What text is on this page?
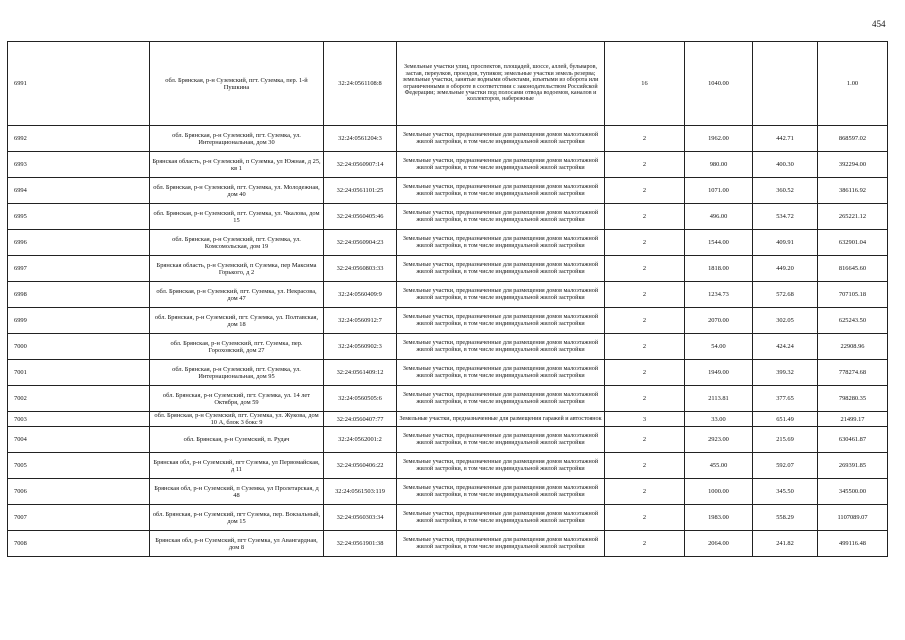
454
6991	обл. Брянская, р-н Суземский, пгт. Суземка, пер. 1-й Пушкина	32:24:0561108:8	Земельные участки улиц, проспектов, площадей, шоссе, аллей, бульваров, застав, переулков, проездов, тупиков; земельные участки земель резерва; земельные участки, занятые водными объектами, изъятыми из оборота или ограниченными в обороте в соответствии с законодательством Российской Федерации; земельные участки под полосами отвода водоемов, каналов и коллекторов, набережные	16	1040.00		1.00
6992	обл. Брянская, р-н Суземский, пгт. Суземка, ул. Интернациональная, дом 30	32:24:0561204:3	Земельные участки, предназначенные для размещения домов малоэтажной жилой застройки, в том числе индивидуальной жилой застройки	2	1962.00	442.71	868597.02
6993	Брянская область, р-н Суземский, п Суземка, ул Южная, д 25, кв 1	32:24:0560907:14	Земельные участки, предназначенные для размещения домов малоэтажной жилой застройки, в том числе индивидуальной жилой застройки	2	980.00	400.30	392294.00
6994	обл. Брянская, р-н Суземский, пгт. Суземка, ул. Молодежная, дом 40	32:24:0561101:25	Земельные участки, предназначенные для размещения домов малоэтажной жилой застройки, в том числе индивидуальной жилой застройки	2	1071.00	360.52	386116.92
6995	обл. Брянская, р-н Суземский, пгт. Суземка, ул. Чкалова, дом 15	32:24:0560405:46	Земельные участки, предназначенные для размещения домов малоэтажной жилой застройки, в том числе индивидуальной жилой застройки	2	496.00	534.72	265221.12
6996	обл. Брянская, р-н Суземский, пгт. Суземка, ул. Комсомольская, дом 19	32:24:0560904:23	Земельные участки, предназначенные для размещения домов малоэтажной жилой застройки, в том числе индивидуальной жилой застройки	2	1544.00	409.91	632901.04
6997	Брянская область, р-н Суземский, п Суземка, пер Максима Горького, д 2	32:24:0560803:33	Земельные участки, предназначенные для размещения домов малоэтажной жилой застройки, в том числе индивидуальной жилой застройки	2	1818.00	449.20	816645.60
6998	обл. Брянская, р-н Суземский, пгт. Суземка, ул. Некрасова, дом 47	32:24:0560409:9	Земельные участки, предназначенные для размещения домов малоэтажной жилой застройки, в том числе индивидуальной жилой застройки	2	1234.73	572.68	707105.18
6999	обл. Брянская, р-н Суземский, пгт. Суземка, ул. Полтавская, дом 18	32:24:0560912:7	Земельные участки, предназначенные для размещения домов малоэтажной жилой застройки, в том числе индивидуальной жилой застройки	2	2070.00	302.05	625243.50
7000	обл. Брянская, р-н Суземский, пгт. Суземка, пер. Гороховский, дом 27	32:24:0560902:3	Земельные участки, предназначенные для размещения домов малоэтажной жилой застройки, в том числе индивидуальной жилой застройки	2	54.00	424.24	22908.96
7001	обл. Брянская, р-н Суземский, пгт. Суземка, ул. Интернациональная, дом 95	32:24:0561409:12	Земельные участки, предназначенные для размещения домов малоэтажной жилой застройки, в том числе индивидуальной жилой застройки	2	1949.00	399.32	778274.68
7002	обл. Брянская, р-н Суземский, пгт. Суземка, ул. 14 лет Октября, дом 59	32:24:0560505:6	Земельные участки, предназначенные для размещения домов малоэтажной жилой застройки, в том числе индивидуальной жилой застройки	2	2113.81	377.65	798280.35
7003	обл. Брянская, р-н Суземский, пгт. Суземка, ул. Жукова, дом 10 А, блок 3 бокс 9	32:24:0560407:77	Земельные участки, предназначенные для размещения гаражей и автостоянок	3	33.00	651.49	21499.17
7004	обл. Брянская, р-н Суземский, п. Рудач	32:24:0562001:2	Земельные участки, предназначенные для размещения домов малоэтажной жилой застройки, в том числе индивидуальной жилой застройки	2	2923.00	215.69	630461.87
7005	Брянская обл, р-н Суземский, пгт Суземка, ул Первомайская, д 11	32:24:0560406:22	Земельные участки, предназначенные для размещения домов малоэтажной жилой застройки, в том числе индивидуальной жилой застройки	2	455.00	592.07	269391.85
7006	Брянская обл, р-н Суземский, п Суземка, ул Пролетарская, д 48	32:24:0561503:119	Земельные участки, предназначенные для размещения домов малоэтажной жилой застройки, в том числе индивидуальной жилой застройки	2	1000.00	345.50	345500.00
7007	обл. Брянская, р-н Суземский, пгт Суземка, пер. Вокзальный, дом 15	32:24:0560303:34	Земельные участки, предназначенные для размещения домов малоэтажной жилой застройки, в том числе индивидуальной жилой застройки	2	1983.00	558.29	1107089.07
7008	Брянская обл, р-н Суземский, пгт Суземка, ул Авангардная, дом 8	32:24:0561901:38	Земельные участки, предназначенные для размещения домов малоэтажной жилой застройки, в том числе индивидуальной жилой застройки	2	2064.00	241.82	499116.48
